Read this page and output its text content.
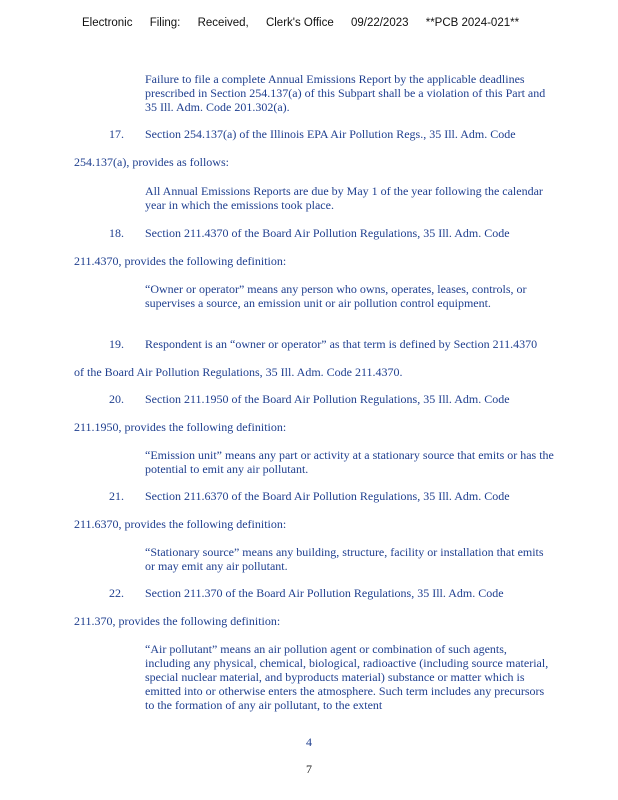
Electronic Filing: Received, Clerk's Office 09/22/2023 **PCB 2024-021**
Failure to file a complete Annual Emissions Report by the applicable deadlines prescribed in Section 254.137(a) of this Subpart shall be a violation of this Part and 35 Ill. Adm. Code 201.302(a).
17. Section 254.137(a) of the Illinois EPA Air Pollution Regs., 35 Ill. Adm. Code
254.137(a), provides as follows:
All Annual Emissions Reports are due by May 1 of the year following the calendar year in which the emissions took place.
18. Section 211.4370 of the Board Air Pollution Regulations, 35 Ill. Adm. Code
211.4370, provides the following definition:
“Owner or operator” means any person who owns, operates, leases, controls, or supervises a source, an emission unit or air pollution control equipment.
19. Respondent is an “owner or operator” as that term is defined by Section 211.4370
of the Board Air Pollution Regulations, 35 Ill. Adm. Code 211.4370.
20. Section 211.1950 of the Board Air Pollution Regulations, 35 Ill. Adm. Code
211.1950, provides the following definition:
“Emission unit” means any part or activity at a stationary source that emits or has the potential to emit any air pollutant.
21. Section 211.6370 of the Board Air Pollution Regulations, 35 Ill. Adm. Code
211.6370, provides the following definition:
“Stationary source” means any building, structure, facility or installation that emits or may emit any air pollutant.
22. Section 211.370 of the Board Air Pollution Regulations, 35 Ill. Adm. Code
211.370, provides the following definition:
“Air pollutant” means an air pollution agent or combination of such agents, including any physical, chemical, biological, radioactive (including source material, special nuclear material, and byproducts material) substance or matter which is emitted into or otherwise enters the atmosphere. Such term includes any precursors to the formation of any air pollutant, to the extent
4
7
